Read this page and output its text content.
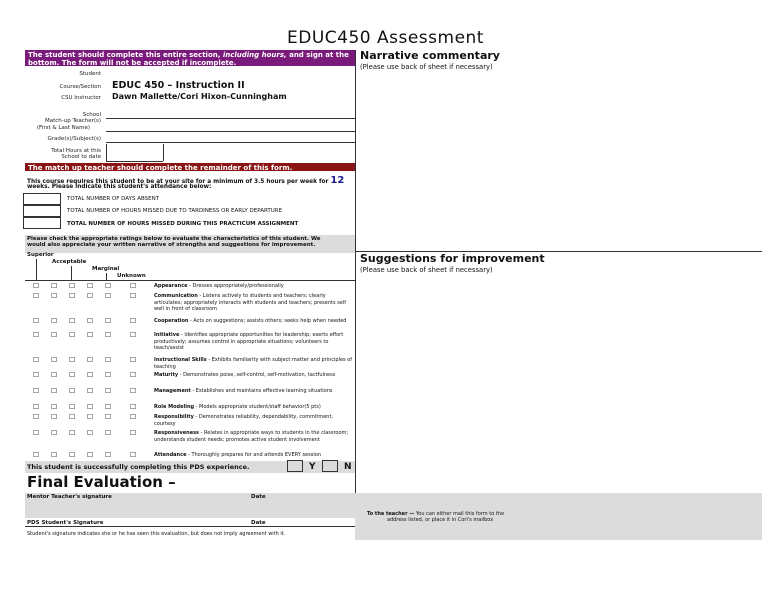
EDUC450 Assessment
The student should complete this entire section, including hours, and sign at the
bottom. The form will not be accepted if incomplete.
Student
Course/Section EDUC 450 – Instruction II
CSU Instructor Dawn Mallette/Cori Hixon-Cunningham
School
Match-up Teacher(s)
(First & Last Name)
Grade(s)/Subject(s)
Total Hours at this
School to date
The match up teacher should complete the remainder of this form.
This course requires this student to be at your site for a minimum of 3.5 hours per week for 12
weeks. Please indicate this student's attendance below:
TOTAL NUMBER OF DAYS ABSENT
TOTAL NUMBER OF HOURS MISSED DUE TO TARDINESS OR EARLY DEPARTURE
TOTAL NUMBER OF HOURS MISSED DURING THIS PRACTICUM ASSIGNMENT
Please check the appropriate ratings below to evaluate the characteristics of this student. We
would also appreciate your written narrative of strengths and suggestions for improvement.
Superior
Acceptable
Marginal
Unknown
☐ ☐ ☐ ☐ ☐	☐	Appearance - Dresses appropriately/professionally
☐ ☐ ☐ ☐ ☐	☐	Communication - Listens actively to students and teachers; clearly articulates; appropriately interacts with students and teachers; presents self well in front of classroom
☐ ☐ ☐ ☐ ☐	☐	Cooperation - Acts on suggestions; assists others; seeks help when needed
☐ ☐ ☐ ☐ ☐	☐	Initiative - Identifies appropriate opportunities for leadership; exerts effort productively; assumes control in appropriate situations; volunteers to teach/assist
☐ ☐ ☐ ☐ ☐	☐	Instructional Skills - Exhibits familiarity with subject matter and principles of teaching
☐ ☐ ☐ ☐ ☐	☐	Maturity - Demonstrates poise, self-control, self-motivation, tactfulness
☐ ☐ ☐ ☐ ☐	☐	Management - Establishes and maintains effective learning situations
☐ ☐ ☐ ☐ ☐	☐	Role Modeling - Models appropriate student/staff behavior(5 pts)
☐ ☐ ☐ ☐ ☐	☐	Responsibility - Demonstrates reliability, dependability, commitment, courtesy
☐ ☐ ☐ ☐ ☐	☐	Responsiveness - Relates in appropriate ways to students in the classroom; understands student needs; promotes active student involvement
☐ ☐ ☐ ☐ ☐	☐	Attendance - Thoroughly prepares for and attends EVERY session
This student is successfully completing this PDS experience.	Y	N
Final Evaluation –
Mentor Teacher's signature	Date
PDS Student's Signature	Date
Student's signature indicates she or he has seen this evaluation, but does not imply agreement with it.
Narrative commentary
(Please use back of sheet if necessary)
Suggestions for improvement
(Please use back of sheet if necessary)
To the teacher — You can either mail this form to the
address listed, or place it in Cori's mailbox
